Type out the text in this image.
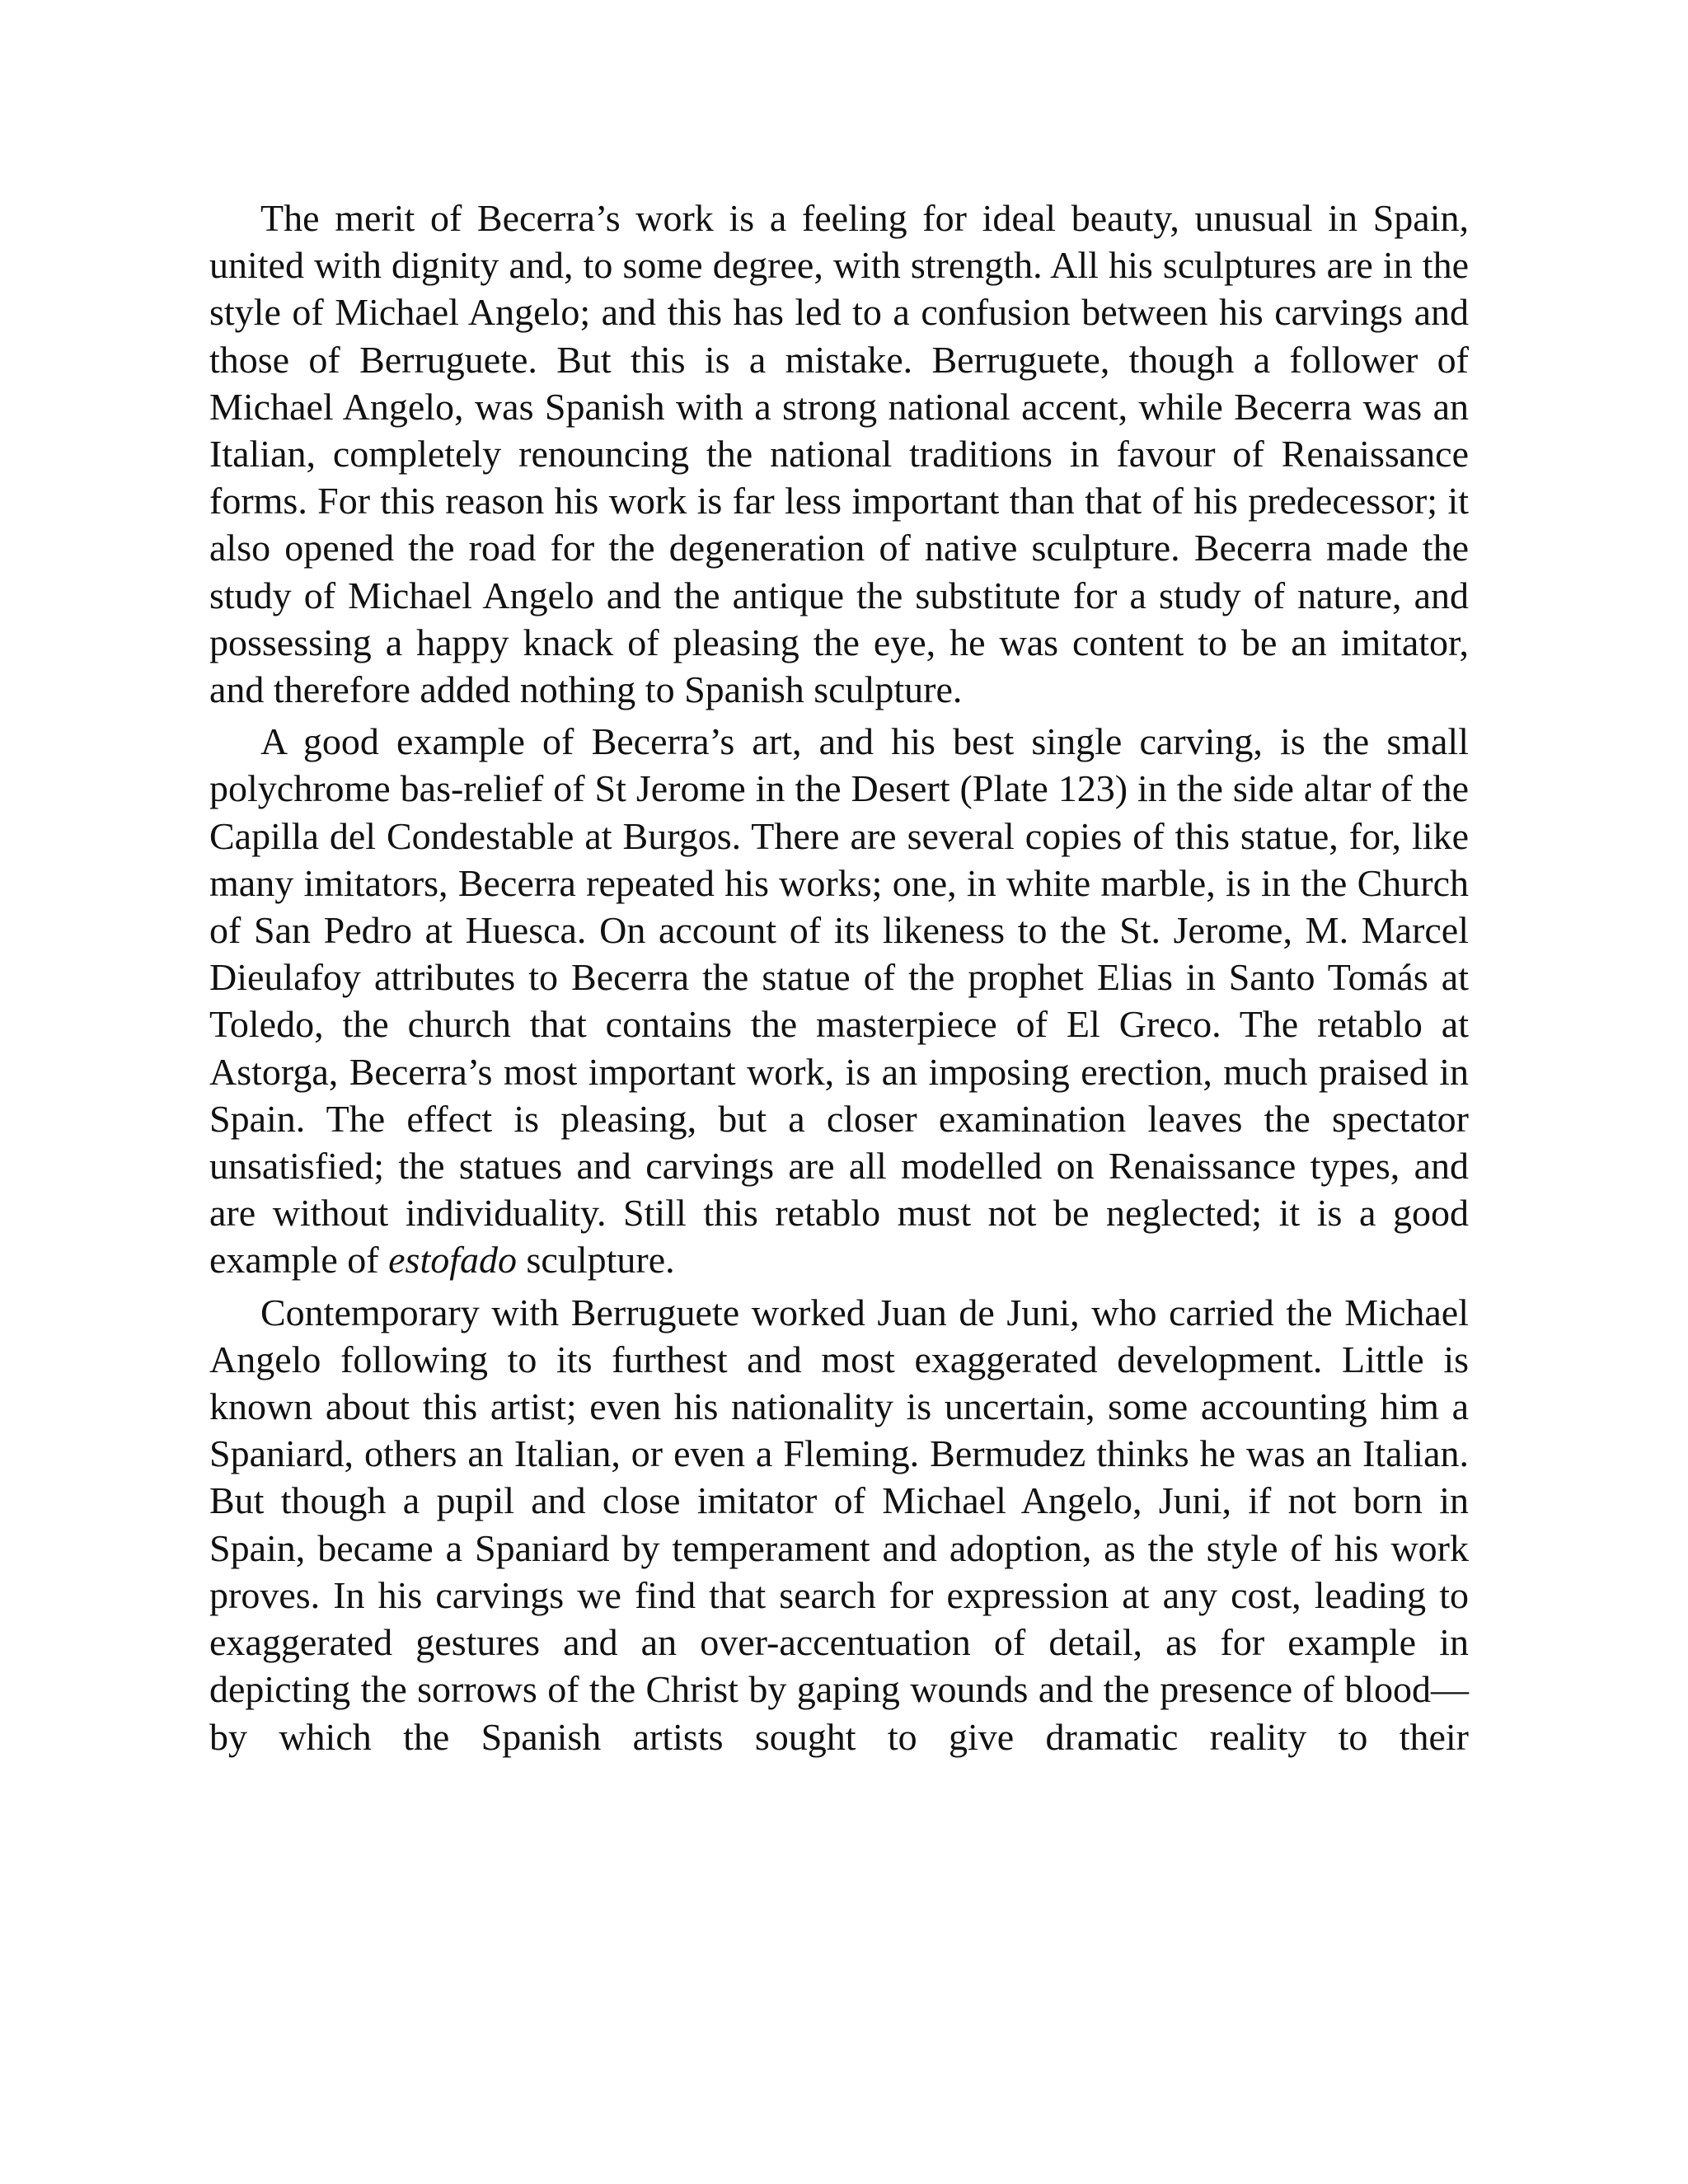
The merit of Becerra’s work is a feeling for ideal beauty, unusual in Spain, united with dignity and, to some degree, with strength. All his sculptures are in the style of Michael Angelo; and this has led to a confusion between his carvings and those of Berruguete. But this is a mistake. Berruguete, though a follower of Michael Angelo, was Spanish with a strong national accent, while Becerra was an Italian, completely renouncing the national traditions in favour of Renaissance forms. For this reason his work is far less important than that of his predecessor; it also opened the road for the degeneration of native sculpture. Becerra made the study of Michael Angelo and the antique the substitute for a study of nature, and possessing a happy knack of pleasing the eye, he was content to be an imitator, and therefore added nothing to Spanish sculpture.

A good example of Becerra’s art, and his best single carving, is the small polychrome bas-relief of St Jerome in the Desert (Plate 123) in the side altar of the Capilla del Condestable at Burgos. There are several copies of this statue, for, like many imitators, Becerra repeated his works; one, in white marble, is in the Church of San Pedro at Huesca. On account of its likeness to the St. Jerome, M. Marcel Dieulafoy attributes to Becerra the statue of the prophet Elias in Santo Tomás at Toledo, the church that contains the masterpiece of El Greco. The retablo at Astorga, Becerra’s most important work, is an imposing erection, much praised in Spain. The effect is pleasing, but a closer examination leaves the spectator unsatisfied; the statues and carvings are all modelled on Renaissance types, and are without individuality. Still this retablo must not be neglected; it is a good example of estofado sculpture.

Contemporary with Berruguete worked Juan de Juni, who carried the Michael Angelo following to its furthest and most exaggerated development. Little is known about this artist; even his nationality is uncertain, some accounting him a Spaniard, others an Italian, or even a Fleming. Bermudez thinks he was an Italian. But though a pupil and close imitator of Michael Angelo, Juni, if not born in Spain, became a Spaniard by temperament and adoption, as the style of his work proves. In his carvings we find that search for expression at any cost, leading to exaggerated gestures and an over-accentuation of detail, as for example in depicting the sorrows of the Christ by gaping wounds and the presence of blood—by which the Spanish artists sought to give dramatic reality to their
